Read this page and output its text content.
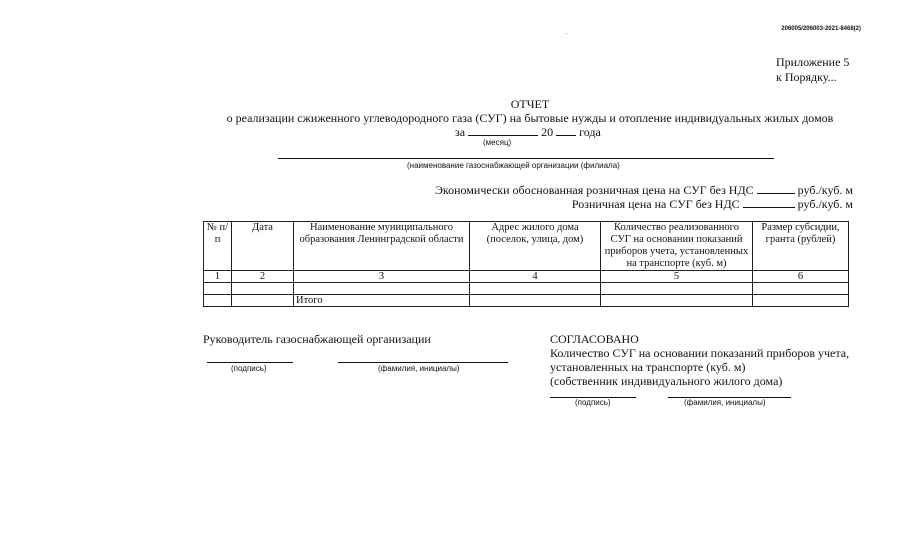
206005/206003-2021-8468(2)
.
Приложение 5
к Порядку...
ОТЧЕТ
о реализации сжиженного углеводородного газа (СУГ) на бытовые нужды и отопление индивидуальных жилых домов
за	20 года
(месяц)
(наименование газоснабжающей организации (филиала)
Экономически обоснованная розничная цена на СУГ без НДС	руб./куб. м
Розничная цена на СУГ без НДС	руб./куб. м
№ п/п	Дата	Наименование муниципального образования Ленинградской области	Адрес жилого дома (поселок, улица, дом)	Количество реализованного СУГ на основании показаний приборов учета, установленных на транспорте (куб. м)	Размер субсидии, гранта (рублей)
1	2	3	4	5	6

		Итого			
Руководитель газоснабжающей организации
(подпись)	(фамилия, инициалы)
СОГЛАСОВАНО
Количество СУГ на основании показаний приборов учета,
установленных на транспорте (куб. м)
(собственник индивидуального жилого дома)
(подпись)	(фамилия, инициалы)
